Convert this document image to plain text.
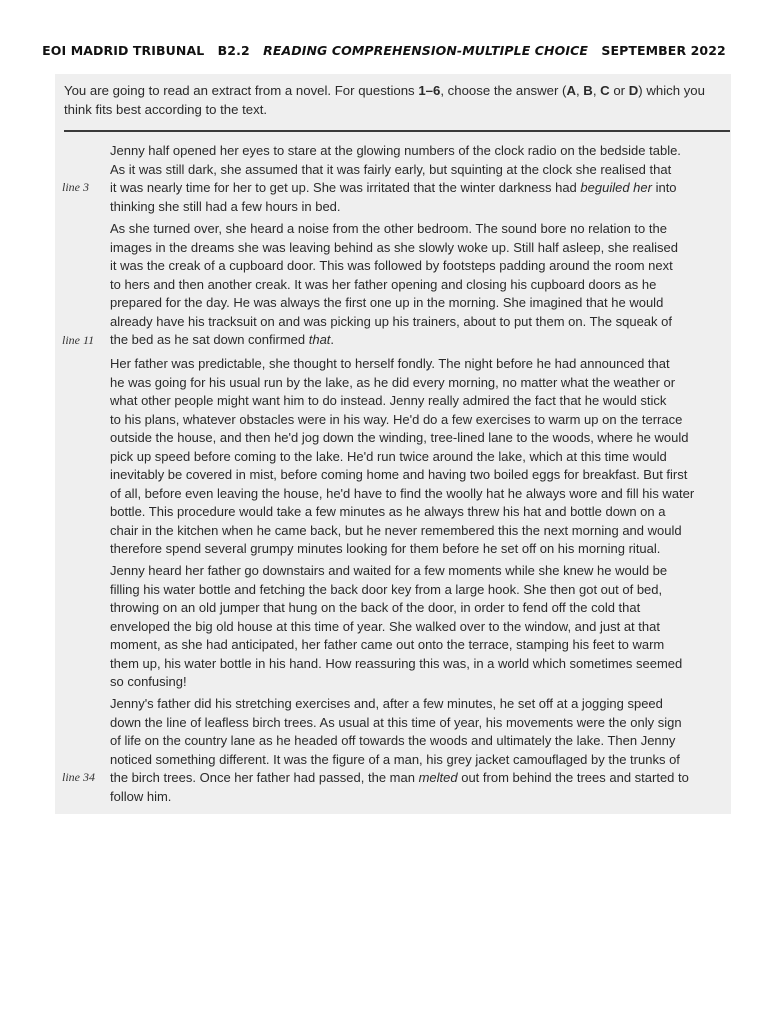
EOI MADRID TRIBUNAL B2.2 READING COMPREHENSION-MULTIPLE CHOICE SEPTEMBER 2022
You are going to read an extract from a novel. For questions 1–6, choose the answer (A, B, C or D) which you
think fits best according to the text.
line 3
line 11
line 34
Jenny half opened her eyes to stare at the glowing numbers of the clock radio on the bedside table.
As it was still dark, she assumed that it was fairly early, but squinting at the clock she realised that
it was nearly time for her to get up. She was irritated that the winter darkness had beguiled her into
thinking she still had a few hours in bed.
As she turned over, she heard a noise from the other bedroom. The sound bore no relation to the
images in the dreams she was leaving behind as she slowly woke up. Still half asleep, she realised
it was the creak of a cupboard door. This was followed by footsteps padding around the room next
to hers and then another creak. It was her father opening and closing his cupboard doors as he
prepared for the day. He was always the first one up in the morning. She imagined that he would
already have his tracksuit on and was picking up his trainers, about to put them on. The squeak of
the bed as he sat down confirmed that.
Her father was predictable, she thought to herself fondly. The night before he had announced that
he was going for his usual run by the lake, as he did every morning, no matter what the weather or
what other people might want him to do instead. Jenny really admired the fact that he would stick
to his plans, whatever obstacles were in his way. He'd do a few exercises to warm up on the terrace
outside the house, and then he'd jog down the winding, tree-lined lane to the woods, where he would
pick up speed before coming to the lake. He'd run twice around the lake, which at this time would
inevitably be covered in mist, before coming home and having two boiled eggs for breakfast. But first
of all, before even leaving the house, he'd have to find the woolly hat he always wore and fill his water
bottle. This procedure would take a few minutes as he always threw his hat and bottle down on a
chair in the kitchen when he came back, but he never remembered this the next morning and would
therefore spend several grumpy minutes looking for them before he set off on his morning ritual.
Jenny heard her father go downstairs and waited for a few moments while she knew he would be
filling his water bottle and fetching the back door key from a large hook. She then got out of bed,
throwing on an old jumper that hung on the back of the door, in order to fend off the cold that
enveloped the big old house at this time of year. She walked over to the window, and just at that
moment, as she had anticipated, her father came out onto the terrace, stamping his feet to warm
them up, his water bottle in his hand. How reassuring this was, in a world which sometimes seemed
so confusing!
Jenny's father did his stretching exercises and, after a few minutes, he set off at a jogging speed
down the line of leafless birch trees. As usual at this time of year, his movements were the only sign
of life on the country lane as he headed off towards the woods and ultimately the lake. Then Jenny
noticed something different. It was the figure of a man, his grey jacket camouflaged by the trunks of
the birch trees. Once her father had passed, the man melted out from behind the trees and started to
follow him.
